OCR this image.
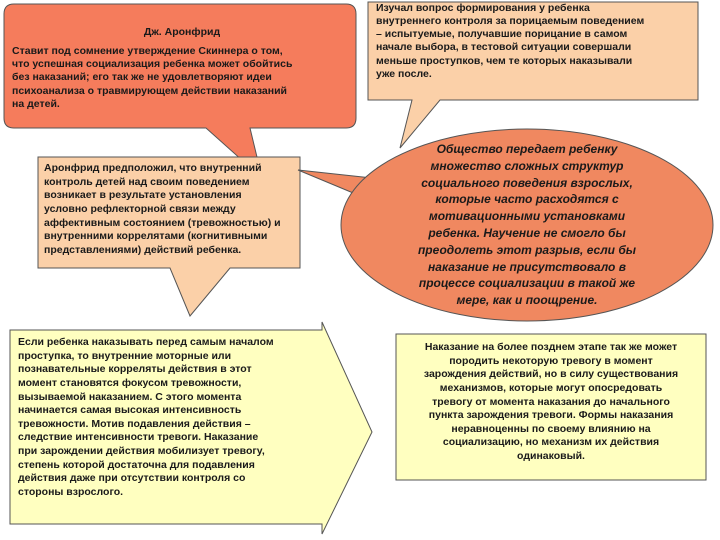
Дж. Аронфрид
Ставит под сомнение утверждение Скиннера о том,
что успешная социализация ребенка может обойтись
без наказаний; его так же не удовлетворяют идеи
психоанализа о травмирующем действии наказаний
на детей.
Изучал вопрос формирования у ребенка
внутреннего контроля за порицаемым поведением
– испытуемые, получавшие порицание в самом
начале выбора, в тестовой ситуации совершали
меньше проступков, чем те которых наказывали
уже после.
Аронфрид предположил, что внутренний
контроль детей над своим поведением
возникает в результате установления
условно рефлекторной связи между
аффективным состоянием (тревожностью) и
внутренними коррелятами (когнитивными
представлениями) действий ребенка.
Общество передает ребенку
множество сложных структур
социального поведения взрослых,
которые часто расходятся с
мотивационными установками
ребенка. Научение не смогло бы
преодолеть этот разрыв, если бы
наказание не присутствовало в
процессе социализации в такой же
мере, как и поощрение.
Если ребенка наказывать перед самым началом
проступка, то внутренние моторные или
познавательные корреляты действия в этот
момент становятся фокусом тревожности,
вызываемой наказанием. С этого момента
начинается самая высокая интенсивность
тревожности. Мотив подавления действия –
следствие интенсивности тревоги. Наказание
при зарождении действия мобилизует тревогу,
степень которой достаточна для подавления
действия даже при отсутствии контроля со
стороны взрослого.
Наказание на более позднем этапе так же может
породить некоторую тревогу в момент
зарождения действий, но в силу существования
механизмов, которые могут опосредовать
тревогу от момента наказания до начального
пункта зарождения тревоги. Формы наказания
неравноценны по своему влиянию на
социализацию, но механизм их действия
одинаковый.
